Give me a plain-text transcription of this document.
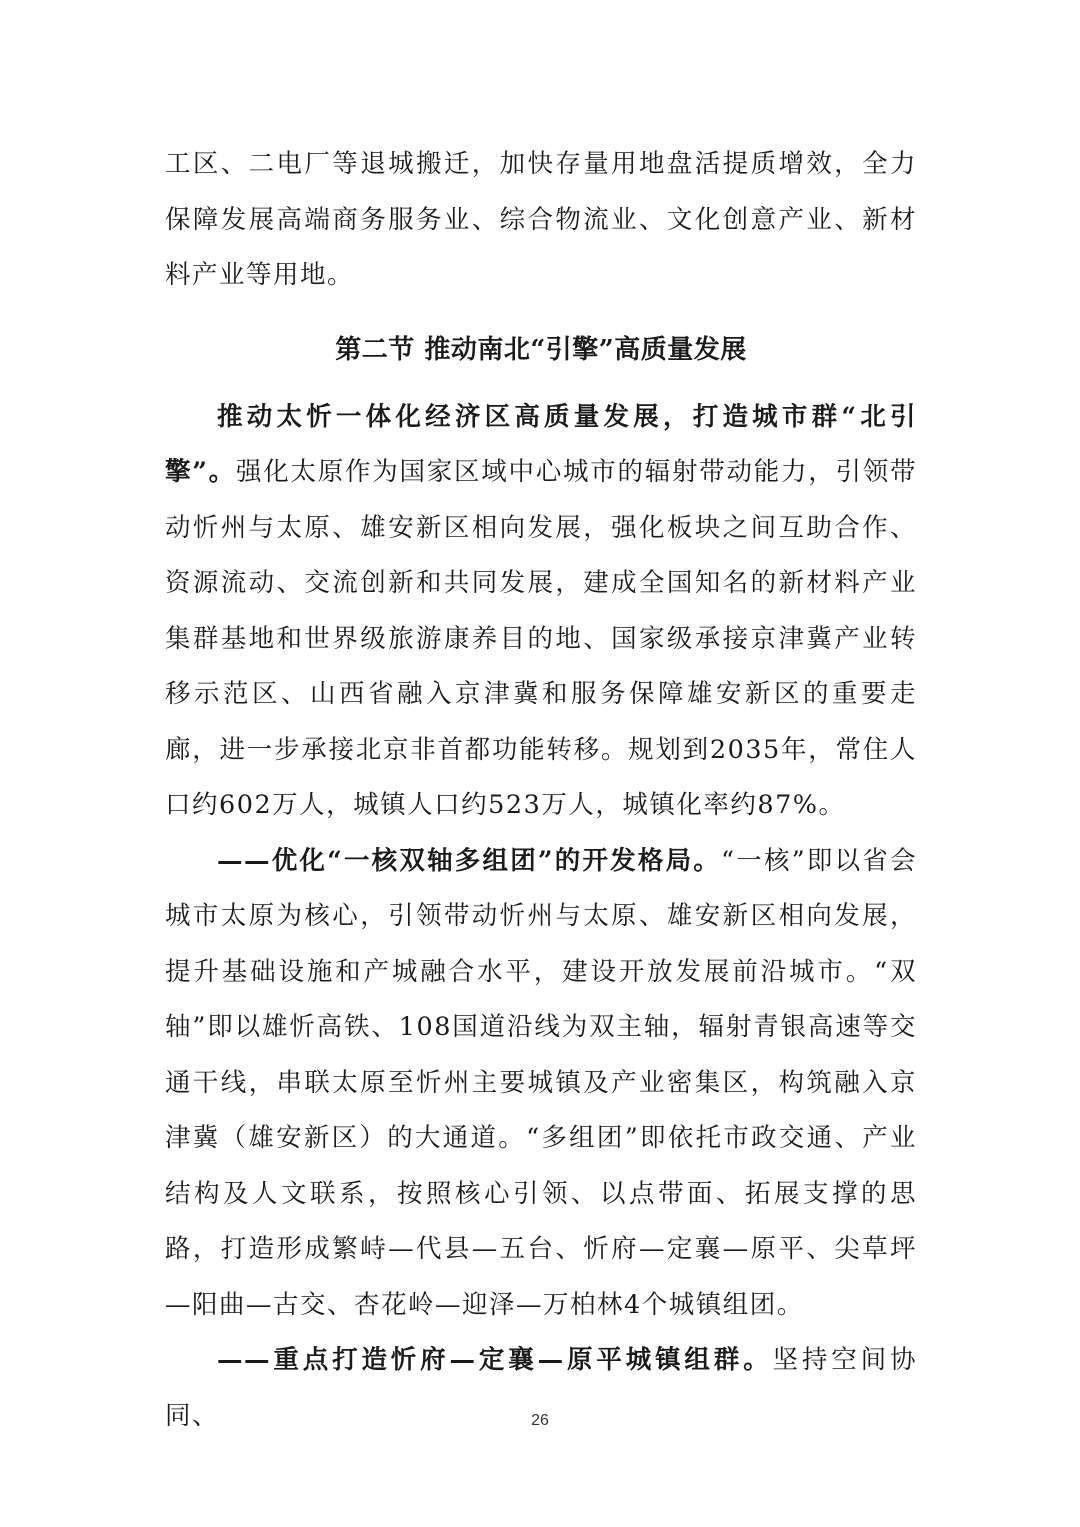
工区、二电厂等退城搬迁，加快存量用地盘活提质增效，全力保障发展高端商务服务业、综合物流业、文化创意产业、新材料产业等用地。

第二节 推动南北“引擎”高质量发展

推动太忻一体化经济区高质量发展，打造城市群“北引擎”。强化太原作为国家区域中心城市的辐射带动能力，引领带动忻州与太原、雄安新区相向发展，强化板块之间互助合作、资源流动、交流创新和共同发展，建成全国知名的新材料产业集群基地和世界级旅游康养目的地、国家级承接京津冀产业转移示范区、山西省融入京津冀和服务保障雄安新区的重要走廊，进一步承接北京非首都功能转移。规划到2035年，常住人口约602万人，城镇人口约523万人，城镇化率约87%。

——优化“一核双轴多组团”的开发格局。“一核”即以省会城市太原为核心，引领带动忻州与太原、雄安新区相向发展，提升基础设施和产城融合水平，建设开放发展前沿城市。“双轴”即以雄忻高铁、108国道沿线为双主轴，辐射青银高速等交通干线，串联太原至忻州主要城镇及产业密集区，构筑融入京津冀（雄安新区）的大通道。“多组团”即依托市政交通、产业结构及人文联系，按照核心引领、以点带面、拓展支撑的思路，打造形成繁峙—代县—五台、忻府—定襄—原平、尖草坪—阳曲—古交、杏花岭—迎泽—万柏林4个城镇组团。

——重点打造忻府—定襄—原平城镇组群。坚持空间协同、	26
